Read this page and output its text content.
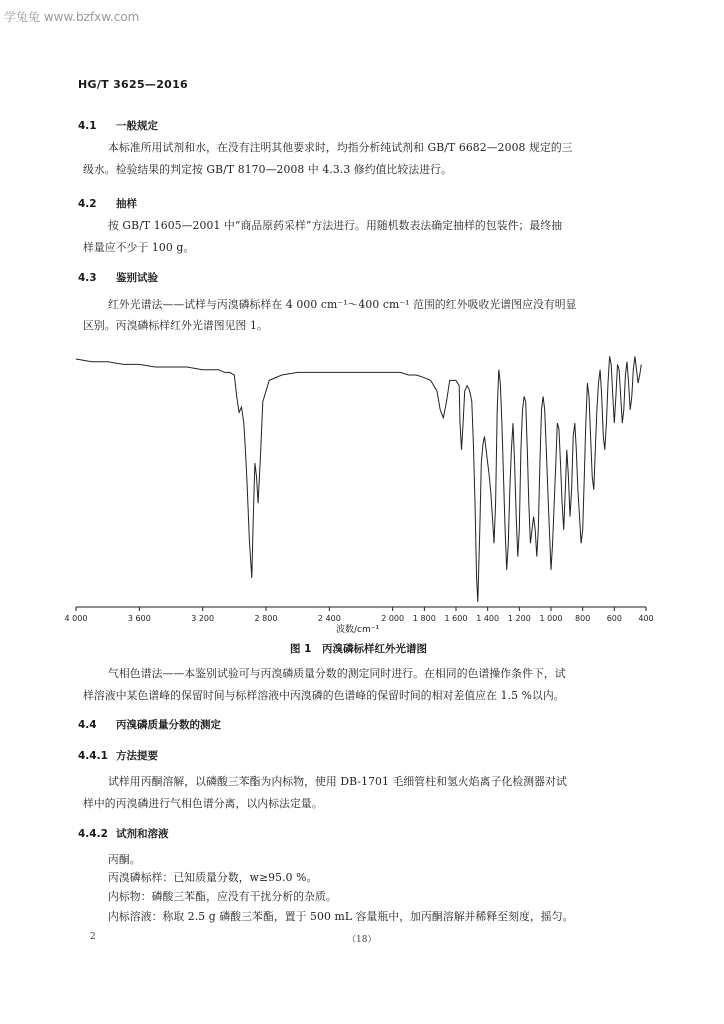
学兔兔 www.bzfxw.com
HG/T 3625—2016
4.1 一般规定
本标准所用试剂和水，在没有注明其他要求时，均指分析纯试剂和 GB/T 6682—2008 规定的三
级水。检验结果的判定按 GB/T 8170—2008 中 4.3.3 修约值比较法进行。
4.2 抽样
按 GB/T 1605—2001 中“商品原药采样”方法进行。用随机数表法确定抽样的包装件；最终抽
样量应不少于 100 g。
4.3 鉴别试验
红外光谱法——试样与丙溴磷标样在 4 000 cm⁻¹～400 cm⁻¹ 范围的红外吸收光谱图应没有明显
区别。丙溴磷标样红外光谱图见图 1。
4 000	3 600	3 200	2 800	2 400	2 000 1 800 1 600 1 400 1 200 1 000 800 600 400
波数/cm⁻¹
图 1　丙溴磷标样红外光谱图
气相色谱法——本鉴别试验可与丙溴磷质量分数的测定同时进行。在相同的色谱操作条件下，试
样溶液中某色谱峰的保留时间与标样溶液中丙溴磷的色谱峰的保留时间的相对差值应在 1.5 %以内。
4.4 丙溴磷质量分数的测定
4.4.1 方法提要
试样用丙酮溶解，以磷酸三苯酯为内标物，使用 DB-1701 毛细管柱和氢火焰离子化检测器对试
样中的丙溴磷进行气相色谱分离，以内标法定量。
4.4.2 试剂和溶液
丙酮。
丙溴磷标样：已知质量分数，w≥95.0 %。
内标物：磷酸三苯酯，应没有干扰分析的杂质。
内标溶液：称取 2.5 g 磷酸三苯酯，置于 500 mL 容量瓶中，加丙酮溶解并稀释至刻度，摇匀。
2	（18）
